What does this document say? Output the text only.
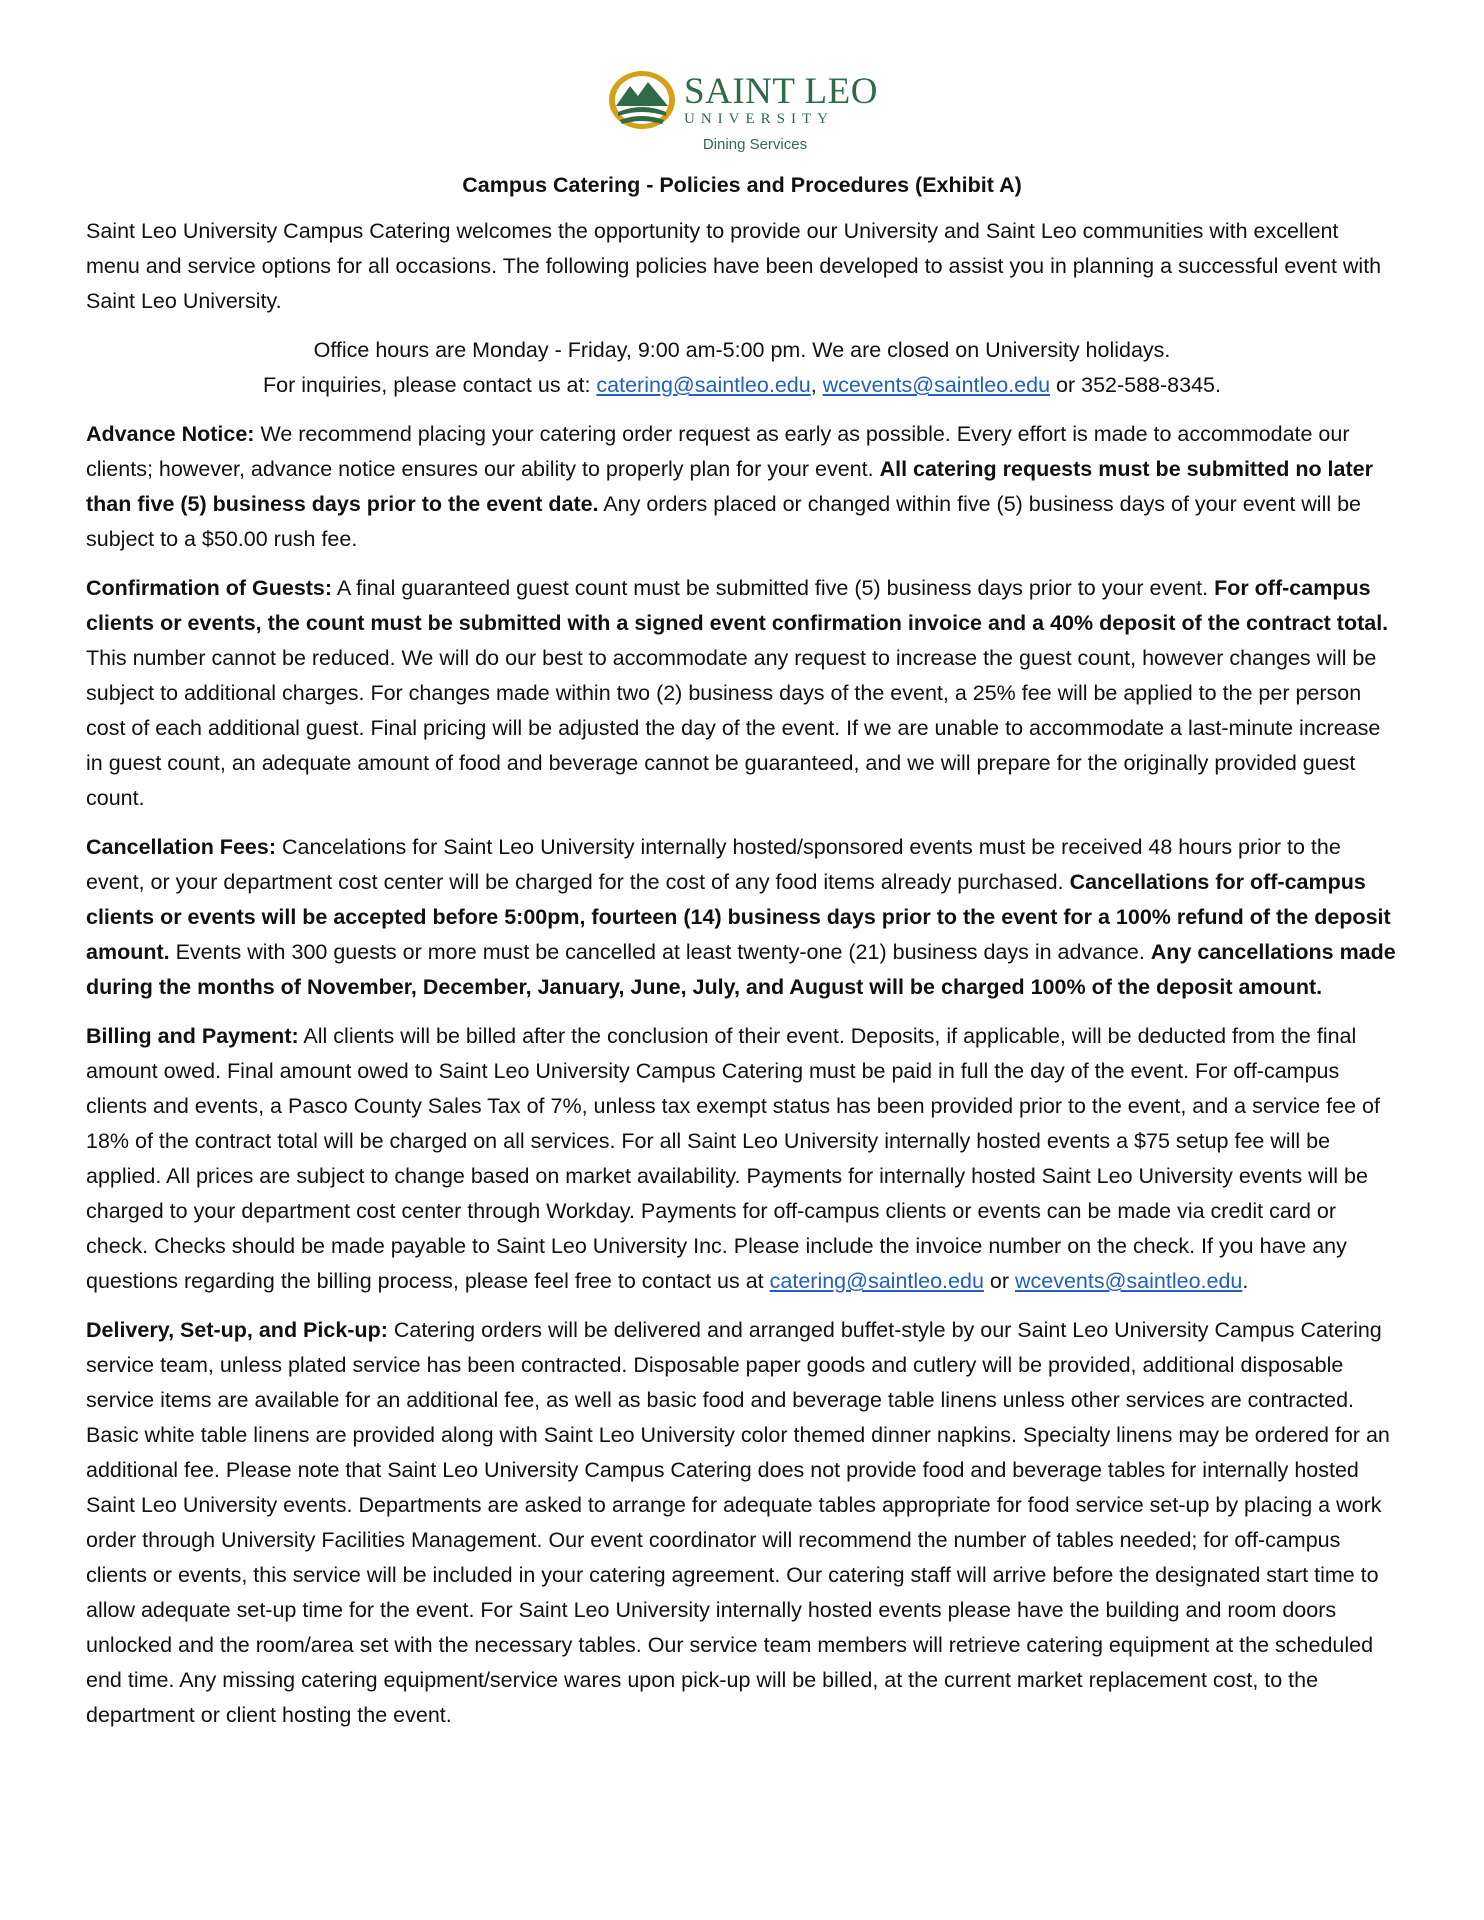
SAINT LEO
UNIVERSITY
Dining Services
Campus Catering - Policies and Procedures (Exhibit A)

Saint Leo University Campus Catering welcomes the opportunity to provide our University and Saint Leo communities with excellent menu and service options for all occasions. The following policies have been developed to assist you in planning a successful event with Saint Leo University.

Office hours are Monday - Friday, 9:00 am-5:00 pm. We are closed on University holidays.
For inquiries, please contact us at: catering@saintleo.edu, wcevents@saintleo.edu or 352-588-8345.

Advance Notice: We recommend placing your catering order request as early as possible. Every effort is made to accommodate our clients; however, advance notice ensures our ability to properly plan for your event. All catering requests must be submitted no later than five (5) business days prior to the event date. Any orders placed or changed within five (5) business days of your event will be subject to a $50.00 rush fee.

Confirmation of Guests: A final guaranteed guest count must be submitted five (5) business days prior to your event. For off-campus clients or events, the count must be submitted with a signed event confirmation invoice and a 40% deposit of the contract total. This number cannot be reduced. We will do our best to accommodate any request to increase the guest count, however changes will be subject to additional charges. For changes made within two (2) business days of the event, a 25% fee will be applied to the per person cost of each additional guest. Final pricing will be adjusted the day of the event. If we are unable to accommodate a last-minute increase in guest count, an adequate amount of food and beverage cannot be guaranteed, and we will prepare for the originally provided guest count.

Cancellation Fees: Cancelations for Saint Leo University internally hosted/sponsored events must be received 48 hours prior to the event, or your department cost center will be charged for the cost of any food items already purchased. Cancellations for off-campus clients or events will be accepted before 5:00pm, fourteen (14) business days prior to the event for a 100% refund of the deposit amount. Events with 300 guests or more must be cancelled at least twenty-one (21) business days in advance. Any cancellations made during the months of November, December, January, June, July, and August will be charged 100% of the deposit amount.

Billing and Payment: All clients will be billed after the conclusion of their event. Deposits, if applicable, will be deducted from the final amount owed. Final amount owed to Saint Leo University Campus Catering must be paid in full the day of the event. For off-campus clients and events, a Pasco County Sales Tax of 7%, unless tax exempt status has been provided prior to the event, and a service fee of 18% of the contract total will be charged on all services. For all Saint Leo University internally hosted events a $75 setup fee will be applied. All prices are subject to change based on market availability. Payments for internally hosted Saint Leo University events will be charged to your department cost center through Workday. Payments for off-campus clients or events can be made via credit card or check. Checks should be made payable to Saint Leo University Inc. Please include the invoice number on the check. If you have any questions regarding the billing process, please feel free to contact us at catering@saintleo.edu or wcevents@saintleo.edu.

Delivery, Set-up, and Pick-up: Catering orders will be delivered and arranged buffet-style by our Saint Leo University Campus Catering service team, unless plated service has been contracted. Disposable paper goods and cutlery will be provided, additional disposable service items are available for an additional fee, as well as basic food and beverage table linens unless other services are contracted. Basic white table linens are provided along with Saint Leo University color themed dinner napkins. Specialty linens may be ordered for an additional fee. Please note that Saint Leo University Campus Catering does not provide food and beverage tables for internally hosted Saint Leo University events. Departments are asked to arrange for adequate tables appropriate for food service set-up by placing a work order through University Facilities Management. Our event coordinator will recommend the number of tables needed; for off-campus clients or events, this service will be included in your catering agreement. Our catering staff will arrive before the designated start time to allow adequate set-up time for the event. For Saint Leo University internally hosted events please have the building and room doors unlocked and the room/area set with the necessary tables. Our service team members will retrieve catering equipment at the scheduled end time. Any missing catering equipment/service wares upon pick-up will be billed, at the current market replacement cost, to the department or client hosting the event.
